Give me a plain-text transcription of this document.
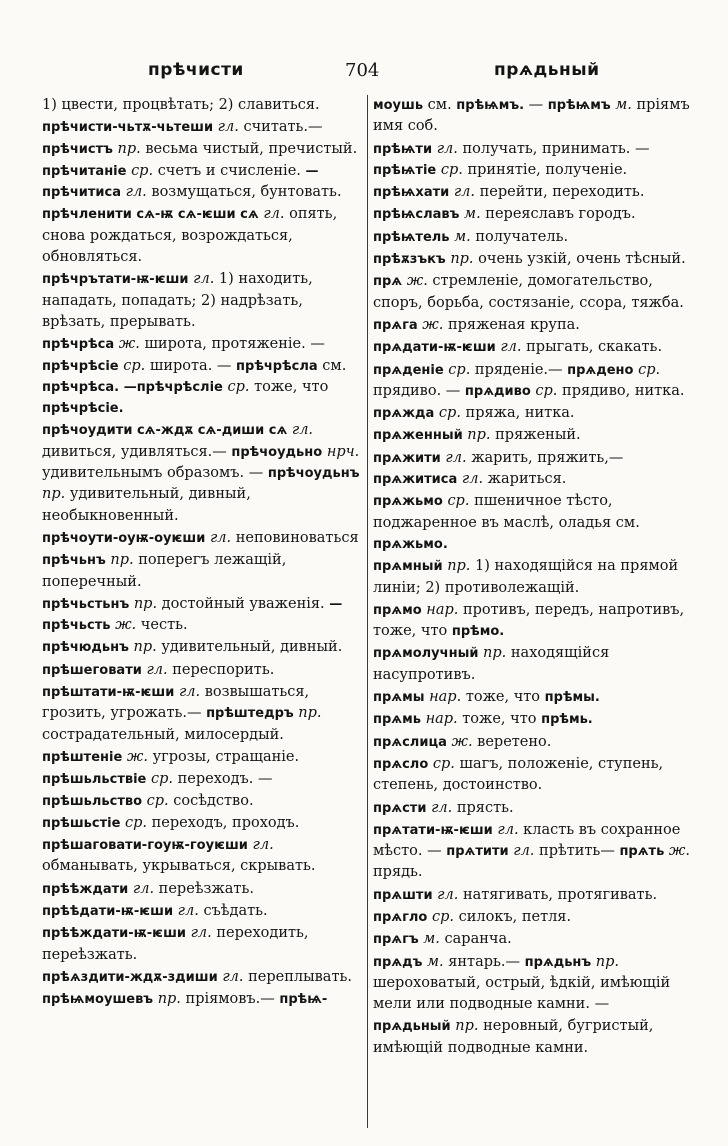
прѣчисти	704	прѧдьный
1) цвести, процвѣтать; 2) славиться.
прѣчисти-чьтѫ-чьтеши гл. считать.— прѣчистъ пр. весьма чистый, пречистый.
прѣчитаніе ср. счетъ и счисленіе. —прѣчитиса гл. возмущаться, бунтовать.
прѣчленити сѧ-ѭ сѧ-ѥши сѧ гл. опять, снова рождаться, возрождаться, обновляться.
прѣчрътати-ѭ-ѥши гл. 1) находить, нападать, попадать; 2) надрѣзать, врѣзать, прерывать.
прѣчрѣса ж. широта, протяженіе. — прѣчрѣсіе ср. широта. — прѣчрѣсла см. прѣчрѣса. —прѣчрѣсліе ср. тоже, что прѣчрѣсіе.
прѣчоудити сѧ-ждѫ сѧ-диши сѧ гл. дивиться, удивляться.— прѣчоудьно нрч. удивительнымъ образомъ. — прѣчоудьнъ пр. удивительный, дивный, необыкновенный.
прѣчоути-оуѭ-оуѥши гл. неповиноваться
прѣчьнъ пр. поперегъ лежащій, поперечный.
прѣчьстьнъ пр. достойный уваженія. —прѣчьсть ж. честь.
прѣчюдьнъ пр. удивительный, дивный.
прѣшеговати гл. переспорить.
прѣштати-ѭ-ѥши гл. возвышаться, грозить, угрожать.— прѣштедръ пр. сострадательный, милосердый.
прѣштеніе ж. угрозы, стращаніе.
прѣшьльствіе ср. переходъ. — прѣшьльство ср. сосѣдство.
прѣшьстіе ср. переходъ, проходъ.
прѣшаговати-гоуѭ-гоуѥши гл. обманывать, укрываться, скрывать.
прѣѣждати гл. переѣзжать.
прѣѣдати-ѭ-ѥши гл. съѣдать.
прѣѣждати-ѭ-ѥши гл. переходить, переѣзжать.
прѣѧздити-ждѫ-здиши гл. переплывать.
прѣѩмоушевъ пр. пріямовъ.— прѣѩ-
моушь см. прѣѩмъ. — прѣѩмъ м. пріямъ имя соб.
прѣѩти гл. получать, принимать. — прѣѩтіе ср. принятіе, полученіе.
прѣѩхати гл. перейти, переходить.
прѣѩславъ м. переяславъ городъ.
прѣѩтель м. получатель.
прѣѫзъкъ пр. очень узкій, очень тѣсный.
прѧ ж. стремленіе, домогательство, споръ, борьба, состязаніе, ссора, тяжба.
прѧга ж. пряженая крупа.
прѧдати-ѭ-ѥши гл. прыгать, скакать.
прѧденіе ср. пряденіе.— прѧдено ср. прядиво. — прѧдиво ср. прядиво, нитка.
прѧжда ср. пряжа, нитка.
прѧженный пр. пряженый.
прѧжити гл. жарить, пряжить,— прѧжитиса гл. жариться.
прѧжьмо ср. пшеничное тѣсто, поджаренное въ маслѣ, оладья см. прѧжьмо.
прѧмный пр. 1) находящійся на прямой линіи; 2) противолежащій.
прѧмо нар. противъ, передъ, напротивъ, тоже, что прѣмо.
прѧмолучный пр. находящійся насупротивъ.
прѧмы нар. тоже, что прѣмы.
прѧмь нар. тоже, что прѣмь.
прѧслица ж. веретено.
прѧсло ср. шагъ, положеніе, ступень, степень, достоинство.
прѧсти гл. прясть.
прѧтати-ѭ-ѥши гл. класть въ сохранное мѣсто. — прѧтити гл. прѣтить— прѧть ж. прядь.
прѧшти гл. натягивать, протягивать.
прѧгло ср. силокъ, петля.
прѧгъ м. саранча.
прѧдъ м. янтарь.— прѧдьнъ пр. шероховатый, острый, ѣдкій, имѣющій мели или подводные камни. —
прѧдьный пр. неровный, бугристый, имѣющій подводные камни.
